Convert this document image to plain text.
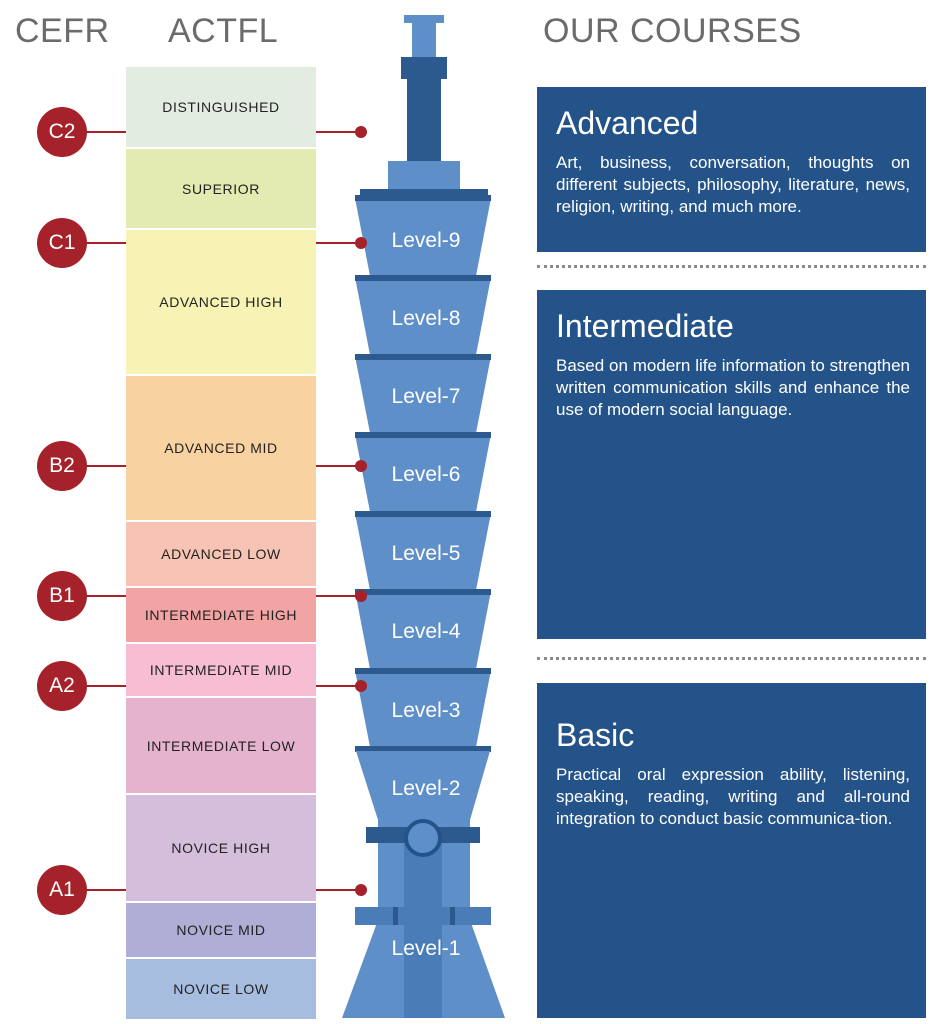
CEFR ACTFL	OUR COURSES
DISTINGUISHED
SUPERIOR
ADVANCED HIGH
ADVANCED MID
ADVANCED LOW
INTERMEDIATE HIGH
INTERMEDIATE MID
INTERMEDIATE LOW
NOVICE HIGH
NOVICE MID
NOVICE LOW
C2
C1
B2
B1
A2
A1
Level-9
Level-8
Level-7
Level-6
Level-5
Level-4
Level-3
Level-2
Level-1
Advanced

Art, business, conversation, thoughts on different subjects, philosophy, literature, news, religion, writing, and much more.

Intermediate

Based on modern life information to strengthen written communication skills and enhance the use of modern social language.

Basic

Practical oral expression ability, listening, speaking, reading, writing and all-round integration to conduct basic communica-tion.
